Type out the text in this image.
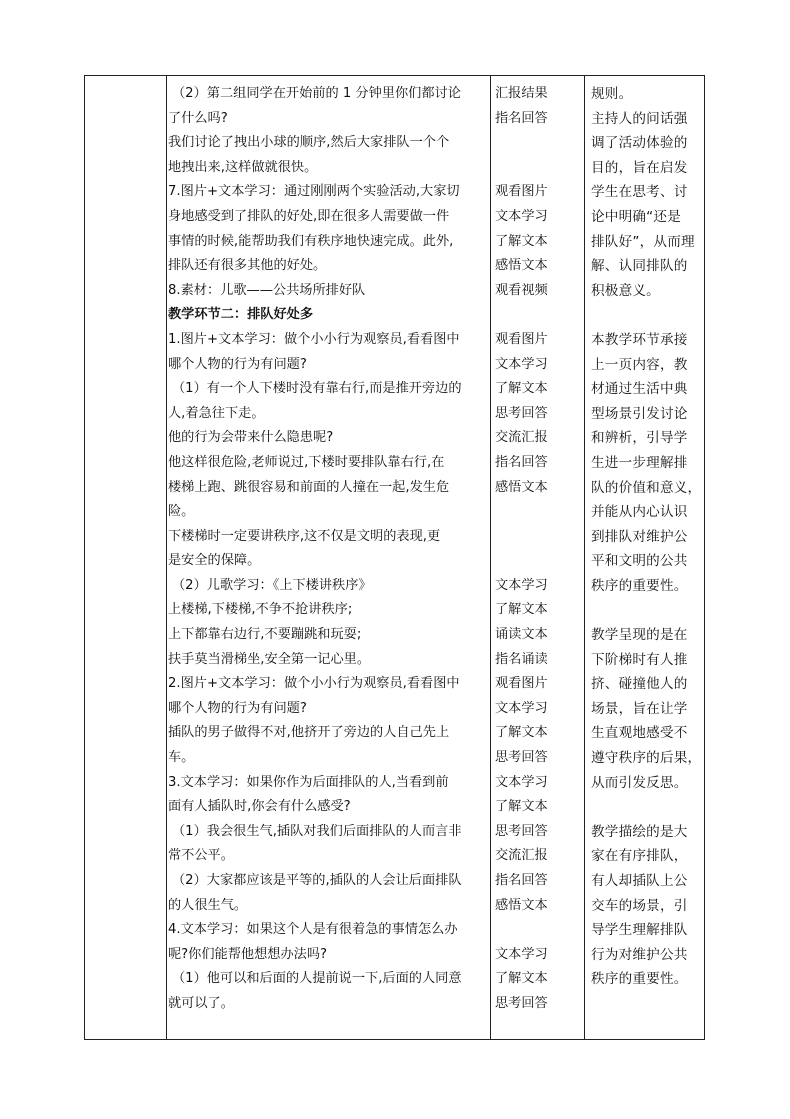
（2）第二组同学在开始前的 1 分钟里你们都讨论
了什么吗?
我们讨论了拽出小球的顺序,然后大家排队一个个
地拽出来,这样做就很快。
7.图片+文本学习：通过刚刚两个实验活动,大家切
身地感受到了排队的好处,即在很多人需要做一件
事情的时候,能帮助我们有秩序地快速完成。此外,
排队还有很多其他的好处。
8.素材：儿歌——公共场所排好队
教学环节二：排队好处多
1.图片+文本学习：做个小小行为观察员,看看图中
哪个人物的行为有问题?
（1）有一个人下楼时没有靠右行,而是推开旁边的
人,着急往下走。
他的行为会带来什么隐患呢?
他这样很危险,老师说过,下楼时要排队靠右行,在
楼梯上跑、跳很容易和前面的人撞在一起,发生危
险。
下楼梯时一定要讲秩序,这不仅是文明的表现,更
是安全的保障。
（2）儿歌学习：《上下楼讲秩序》
上楼梯,下楼梯,不争不抢讲秩序;
上下都靠右边行,不要蹦跳和玩耍;
扶手莫当滑梯坐,安全第一记心里。
2.图片+文本学习：做个小小行为观察员,看看图中
哪个人物的行为有问题?
插队的男子做得不对,他挤开了旁边的人自己先上
车。
3.文本学习：如果你作为后面排队的人,当看到前
面有人插队时,你会有什么感受?
（1）我会很生气,插队对我们后面排队的人而言非
常不公平。
（2）大家都应该是平等的,插队的人会让后面排队
的人很生气。
4.文本学习：如果这个人是有很着急的事情怎么办
呢?你们能帮他想想办法吗?
（1）他可以和后面的人提前说一下,后面的人同意
就可以了。
汇报结果
指名回答
观看图片
文本学习
了解文本
感悟文本
观看视频
观看图片
文本学习
了解文本
思考回答
交流汇报
指名回答
感悟文本
文本学习
了解文本
诵读文本
指名诵读
观看图片
文本学习
了解文本
思考回答
文本学习
了解文本
思考回答
交流汇报
指名回答
感悟文本
文本学习
了解文本
思考回答
规则。
主持人的问话强
调了活动体验的
目的，旨在启发
学生在思考、讨
论中明确“还是
排队好”，从而理
解、认同排队的
积极意义。
本教学环节承接
上一页内容，教
材通过生活中典
型场景引发讨论
和辨析，引导学
生进一步理解排
队的价值和意义，
并能从内心认识
到排队对维护公
平和文明的公共
秩序的重要性。
教学呈现的是在
下阶梯时有人推
挤、碰撞他人的
场景，旨在让学
生直观地感受不
遵守秩序的后果，
从而引发反思。
教学描绘的是大
家在有序排队，
有人却插队上公
交车的场景，引
导学生理解排队
行为对维护公共
秩序的重要性。
